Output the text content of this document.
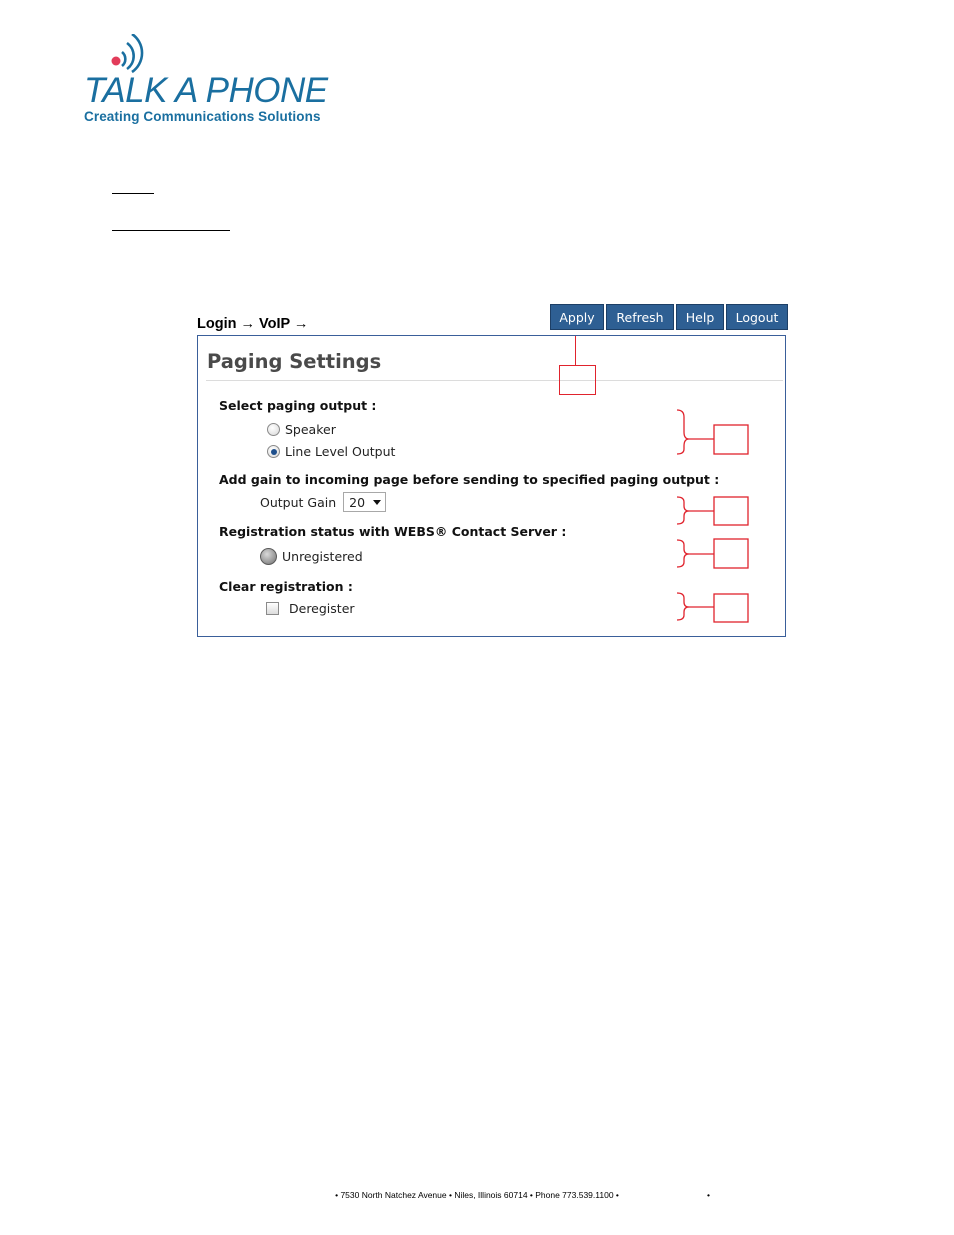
TALK A PHONE
Creating Communications Solutions
Login → VoIP →	Apply	Refresh	Help	Logout
Paging Settings
Select paging output :
Speaker
Line Level Output
Add gain to incoming page before sending to specified paging output :
Output Gain 20
Registration status with WEBS® Contact Server :
Unregistered
Clear registration :
Deregister
• 7530 North Natchez Avenue • Niles, Illinois 60714 • Phone 773.539.1100 •	•
